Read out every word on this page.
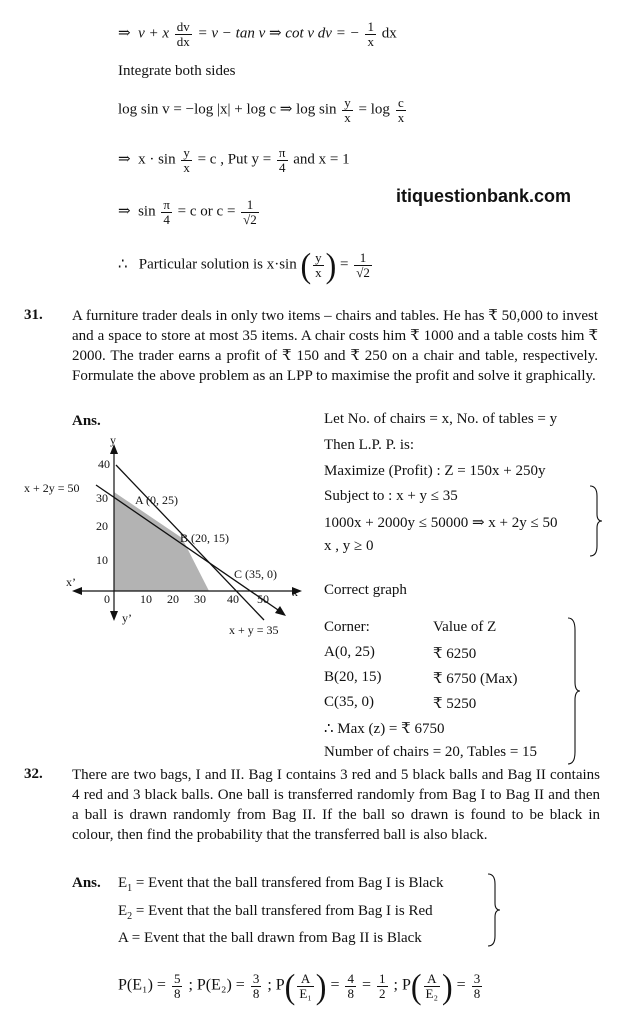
⇒ v + x $\frac{dv}{dx} = v - \tan v$ ⇒ cot v dv = − $\frac{1}{x}$ dx
Integrate both sides
log sin v = −log |x| + log c ⇒ $\log \sin \frac{y}{x} = \log \frac{c}{x}$
⇒ $x \cdot \sin \frac{y}{x} = c$ , Put $y = \frac{\pi}{4}$ and x = 1
itiquestionbank.com
⇒ $\sin \frac{\pi}{4} = c$ or $c = \frac{1}{√2}$
∴ Particular solution is x·sin ( $\frac{y}{x}$ ) = $\frac{1}{√2}$
31. A furniture trader deals in only two items – chairs and tables. He has ₹ 50,000 to invest and a space to store at most 35 items. A chair costs him ₹ 1000 and a table costs him ₹ 2000. The trader earns a profit of ₹ 150 and ₹ 250 on a chair and table, respectively. Formulate the above problem as an LPP to maximise the profit and solve it graphically.
Ans.
y
y’
x
x’
0
40
30
20
10
10 20 30 40 50
x + 2y = 50
x + y = 35
A (0, 25)
B (20, 15)
C (35, 0)
Let No. of chairs = x, No. of tables = y
Then L.P. P. is:
Maximize (Profit) : Z = 150x + 250y
Subject to : x + y ≤ 35
1000x + 2000y ≤ 50000 ⇒ x + 2y ≤ 50
x , y ≥ 0
Correct graph
Corner:	Value of Z
A(0, 25)	₹ 6250
B(20, 15)	₹ 6750 (Max)
C(35, 0)	₹ 5250
∴ Max (z) = ₹ 6750
Number of chairs = 20, Tables = 15
32. There are two bags, I and II. Bag I contains 3 red and 5 black balls and Bag II contains 4 red and 3 black balls. One ball is transferred randomly from Bag I to Bag II and then a ball is drawn randomly from Bag II. If the ball so drawn is found to be black in colour, then find the probability that the transferred ball is also black.
Ans. $E_1$ = Event that the ball transfered from Bag I is Black
$E_2$ = Event that the ball transfered from Bag I is Red
A = Event that the ball drawn from Bag II is Black
$P(E_1) = \frac{5}{8}$ ; $P(E_2) = \frac{3}{8}$ ; $P( \frac{A}{\text{E₁}}$ ) = $\frac{4}{8} = \frac{1}{2}$ ; $P( \frac{A}{\text{E₂}}$ ) = $\frac{3}{8}$
